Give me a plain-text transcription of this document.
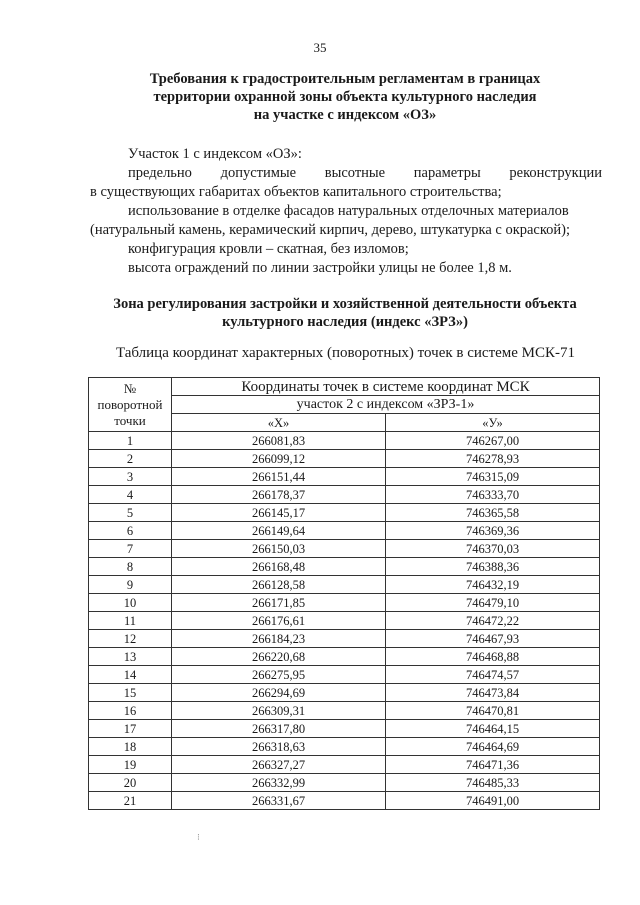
35
Требования к градостроительным регламентам в границах
территории охранной зоны объекта культурного наследия
на участке с индексом «ОЗ»

Участок 1 с индексом «ОЗ»:

предельно допустимые высотные параметры реконструкции

в существующих габаритах объектов капитального строительства;

использование в отделке фасадов натуральных отделочных материалов

(натуральный камень, керамический кирпич, дерево, штукатурка с окраской);

конфигурация кровли – скатная, без изломов;

высота ограждений по линии застройки улицы не более 1,8 м.

Зона регулирования застройки и хозяйственной деятельности объекта
культурного наследия (индекс «ЗРЗ»)
Таблица координат характерных (поворотных) точек в системе МСК-71
№
поворотной
точки	Координаты точек в системе координат МСК	
	участок 2 с индексом «ЗРЗ-1»	
	«X»	«У»
1	266081,83	746267,00
2	266099,12	746278,93
3	266151,44	746315,09
4	266178,37	746333,70
5	266145,17	746365,58
6	266149,64	746369,36
7	266150,03	746370,03
8	266168,48	746388,36
9	266128,58	746432,19
10	266171,85	746479,10
11	266176,61	746472,22
12	266184,23	746467,93
13	266220,68	746468,88
14	266275,95	746474,57
15	266294,69	746473,84
16	266309,31	746470,81
17	266317,80	746464,15
18	266318,63	746464,69
19	266327,27	746471,36
20	266332,99	746485,33
21	266331,67	746491,00
⁝
